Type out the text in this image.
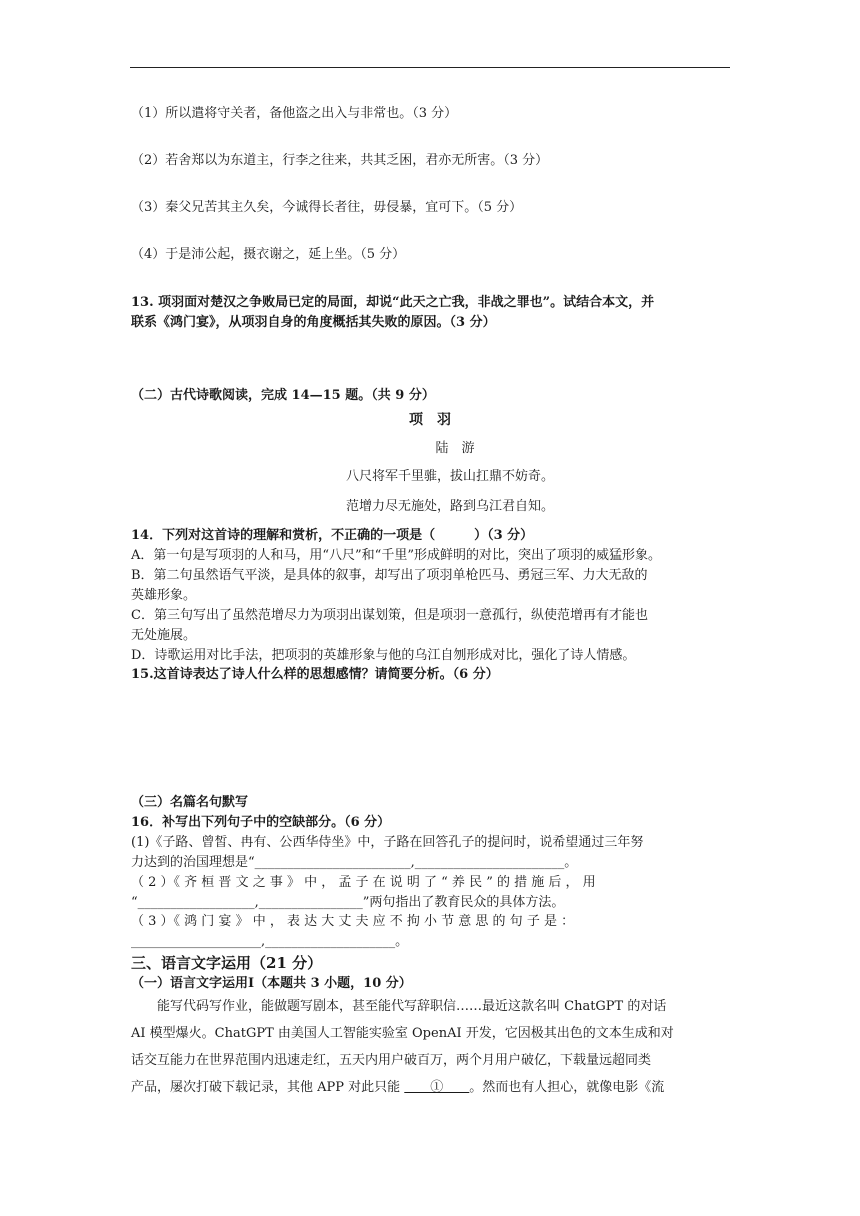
（1）所以遣将守关者，备他盗之出入与非常也。（3 分）
（2）若舍郑以为东道主，行李之往来，共其乏困，君亦无所害。（3 分）
（3）秦父兄苦其主久矣，今诚得长者往，毋侵暴，宜可下。（5 分）
（4）于是沛公起，摄衣谢之，延上坐。（5 分）
13. 项羽面对楚汉之争败局已定的局面，却说“此天之亡我，非战之罪也”。试结合本文，并
联系《鸿门宴》，从项羽自身的角度概括其失败的原因。（3 分）
（二）古代诗歌阅读，完成 14—15 题。（共 9 分）
项　羽
陆　游
八尺将军千里骓，拔山扛鼎不妨奇。
范增力尽无施处，路到乌江君自知。
14．下列对这首诗的理解和赏析，不正确的一项是（　　　）（3 分）
A．第一句是写项羽的人和马，用“八尺”和“千里”形成鲜明的对比，突出了项羽的威猛形象。
B．第二句虽然语气平淡，是具体的叙事，却写出了项羽单枪匹马、勇冠三军、力大无敌的
英雄形象。
C．第三句写出了虽然范增尽力为项羽出谋划策，但是项羽一意孤行，纵使范增再有才能也
无处施展。
D．诗歌运用对比手法，把项羽的英雄形象与他的乌江自刎形成对比，强化了诗人情感。
15.这首诗表达了诗人什么样的思想感情？请简要分析。（6 分）
（三）名篇名句默写
16．补写出下列句子中的空缺部分。（6 分）
(1)《子路、曾皙、冉有、公西华侍坐》中，子路在回答孔子的提问时，说希望通过三年努
力达到的治国理想是“________________________,_______________________。
（ 2 ）《 齐 桓 晋 文 之 事 》 中 ， 孟 子 在 说 明 了 “ 养 民 ” 的 措 施 后 ， 用
“__________________,________________”两句指出了教育民众的具体方法。
（ 3 ）《 鸿 门 宴 》 中 ， 表 达 大 丈 夫 应 不 拘 小 节 意 思 的 句 子 是 ：
____________________,____________________。
三、语言文字运用（21 分）
（一）语言文字运用Ⅰ（本题共 3 小题，10 分）
　　能写代码写作业，能做题写剧本，甚至能代写辞职信……最近这款名叫 ChatGPT 的对话
AI 模型爆火。ChatGPT 由美国人工智能实验室 OpenAI 开发，它因极其出色的文本生成和对
话交互能力在世界范围内迅速走红，五天内用户破百万，两个月用户破亿，下载量远超同类
产品，屡次打破下载记录，其他 APP 对此只能 　　①　　。然而也有人担心，就像电影《流
